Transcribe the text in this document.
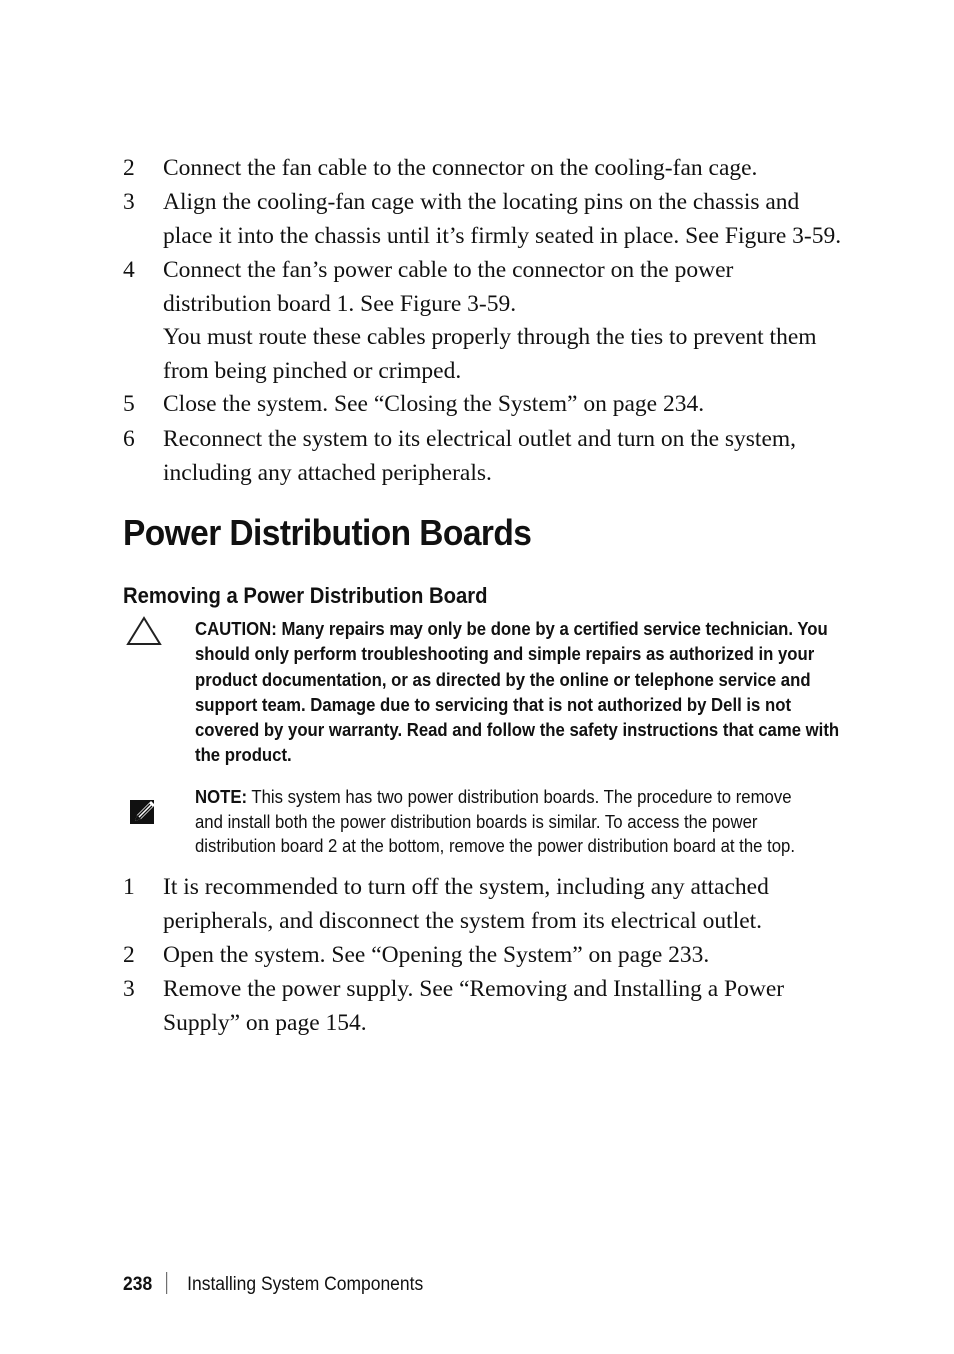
2	Connect the fan cable to the connector on the cooling-fan cage.
3	Align the cooling-fan cage with the locating pins on the chassis and
place it into the chassis until it’s firmly seated in place. See Figure 3-59.
4	Connect the fan’s power cable to the connector on the power
distribution board 1. See Figure 3-59.
You must route these cables properly through the ties to prevent them
from being pinched or crimped.
5	Close the system. See “Closing the System” on page 234.
6	Reconnect the system to its electrical outlet and turn on the system,
including any attached peripherals.
Power Distribution Boards
Removing a Power Distribution Board
CAUTION: Many repairs may only be done by a certified service technician. You
should only perform troubleshooting and simple repairs as authorized in your
product documentation, or as directed by the online or telephone service and
support team. Damage due to servicing that is not authorized by Dell is not
covered by your warranty. Read and follow the safety instructions that came with
the product.
NOTE: This system has two power distribution boards. The procedure to remove
and install both the power distribution boards is similar. To access the power
distribution board 2 at the bottom, remove the power distribution board at the top.
1	It is recommended to turn off the system, including any attached
peripherals, and disconnect the system from its electrical outlet.
2	Open the system. See “Opening the System” on page 233.
3	Remove the power supply. See “Removing and Installing a Power
Supply” on page 154.
238 Installing System Components
